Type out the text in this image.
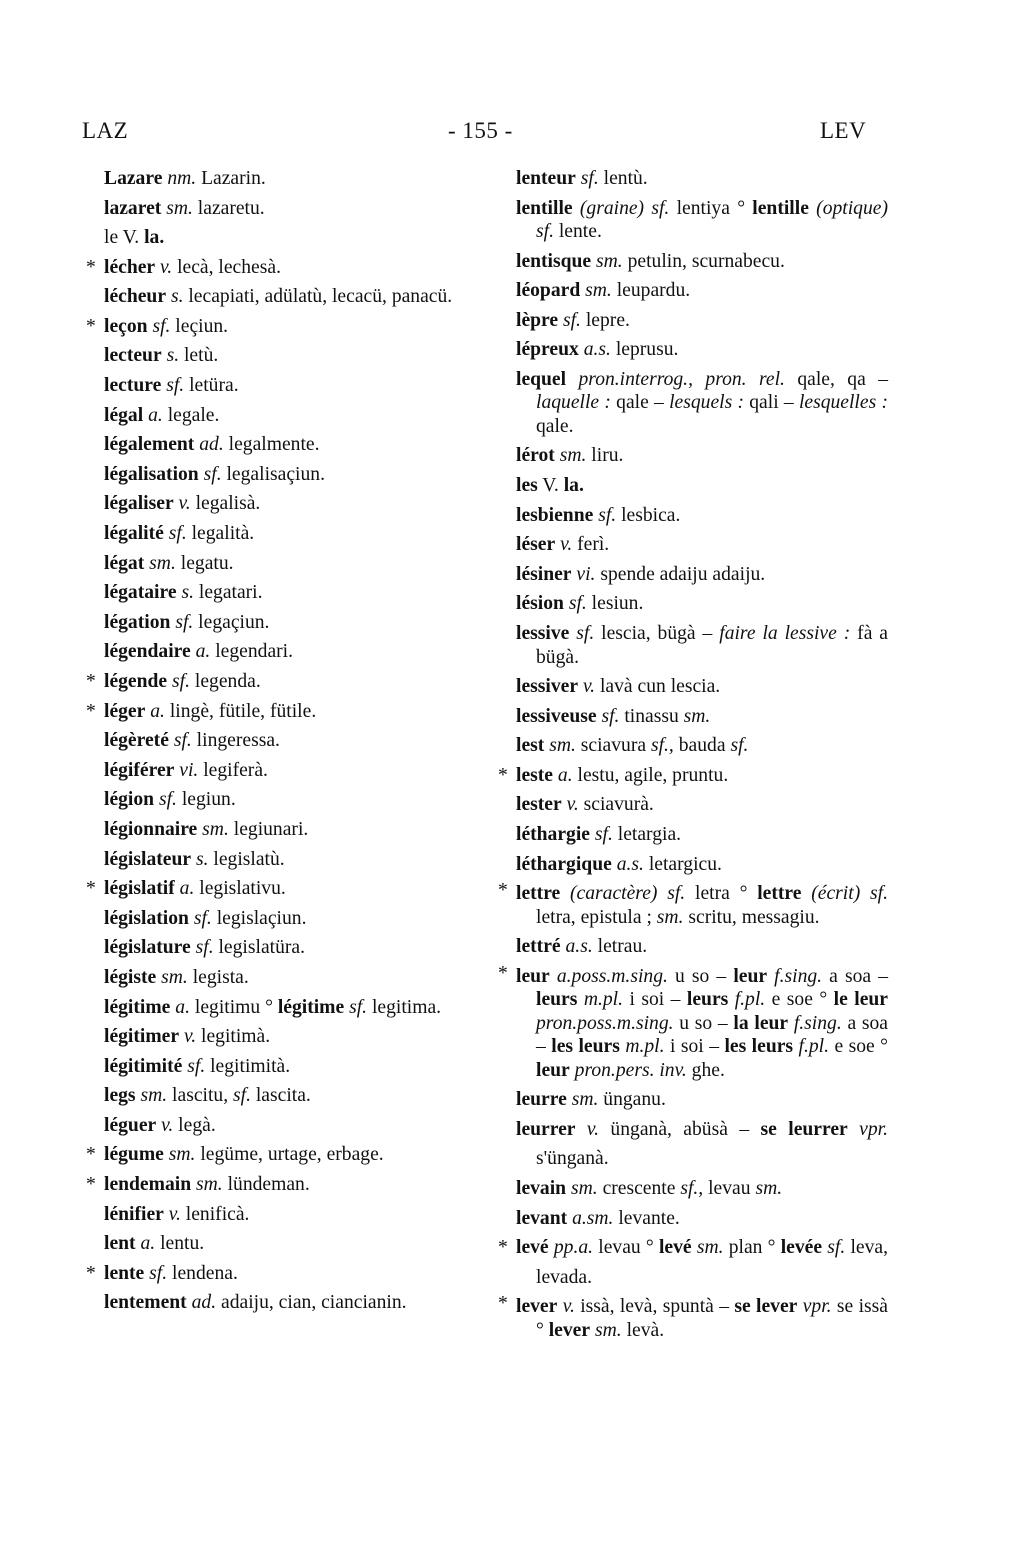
LAZ	- 155 -	LEV
Lazare nm. Lazarin.
lazaret sm. lazaretu.
le V. la.
* lécher v. lecà, lechesà.
lécheur s. lecapiati, adülatù, lecacü, panacü.
* leçon sf. leçiun.
lecteur s. letù.
lecture sf. letüra.
légal a. legale.
légalement ad. legalmente.
légalisation sf. legalisaçiun.
légaliser v. legalisà.
légalité sf. legalità.
légat sm. legatu.
légataire s. legatari.
légation sf. legaçiun.
légendaire a. legendari.
* légende sf. legenda.
* léger a. lingè, fütile, fütile.
légèreté sf. lingeressa.
légiférer vi. legiferà.
légion sf. legiun.
légionnaire sm. legiunari.
législateur s. legislatù.
* législatif a. legislativu.
législation sf. legislaçiun.
législature sf. legislatüra.
légiste sm. legista.
légitime a. legitimu ° légitime sf. legitima.
légitimer v. legitimà.
légitimité sf. legitimità.
legs sm. lascitu, sf. lascita.
léguer v. legà.
* légume sm. legüme, urtage, erbage.
* lendemain sm. lündeman.
lénifier v. lenificà.
lent a. lentu.
* lente sf. lendena.
lentement ad. adaiju, cian, ciancianin.
lenteur sf. lentù.
lentille (graine) sf. lentiya ° lentille (optique) sf. lente.
lentisque sm. petulin, scurnabecu.
léopard sm. leupardu.
lèpre sf. lepre.
lépreux a.s. leprusu.
lequel pron.interrog., pron. rel. qale, qa – laquelle : qale – lesquels : qali – lesquelles : qale.
lérot sm. liru.
les V. la.
lesbienne sf. lesbica.
léser v. ferì.
lésiner vi. spende adaiju adaiju.
lésion sf. lesiun.
lessive sf. lescia, bügà – faire la lessive : fà a bügà.
lessiver v. lavà cun lescia.
lessiveuse sf. tinassu sm.
lest sm. sciavura sf., bauda sf.
* leste a. lestu, agile, pruntu.
lester v. sciavurà.
léthargie sf. letargia.
léthargique a.s. letargicu.
* lettre (caractère) sf. letra ° lettre (écrit) sf. letra, epistula ; sm. scritu, messagiu.
lettré a.s. letrau.
* leur a.poss.m.sing. u so – leur f.sing. a soa – leurs m.pl. i soi – leurs f.pl. e soe ° le leur pron.poss.m.sing. u so – la leur f.sing. a soa – les leurs m.pl. i soi – les leurs f.pl. e soe ° leur pron.pers. inv. ghe.
leurre sm. ünganu.
leurrer v. ünganà, abüsà – se leurrer vpr. s'ünganà.
levain sm. crescente sf., levau sm.
levant a.sm. levante.
* levé pp.a. levau ° levé sm. plan ° levée sf. leva, levada.
* lever v. issà, levà, spuntà – se lever vpr. se issà ° lever sm. levà.
